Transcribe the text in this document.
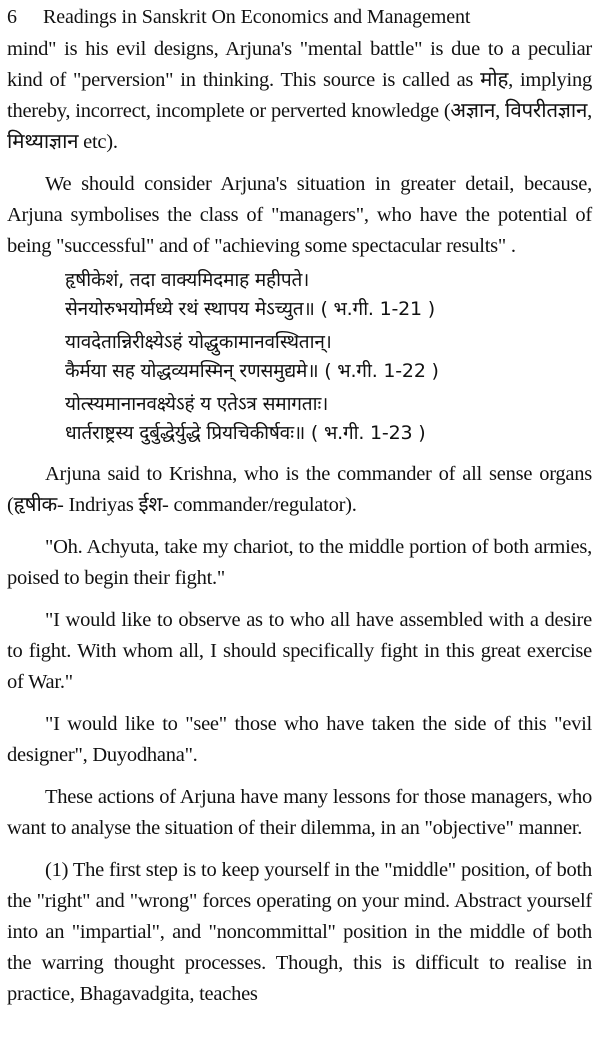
6	Readings in Sanskrit On Economics and Management

mind" is his evil designs, Arjuna's "mental battle" is due to a peculiar kind of "perversion" in thinking. This source is called as मोह, implying thereby, incorrect, incomplete or perverted knowledge (अज्ञान, विपरीतज्ञान, मिथ्याज्ञान etc).

We should consider Arjuna's situation in greater detail, because, Arjuna symbolises the class of "managers", who have the potential of being "successful" and of "achieving some spectacular results" .

हृषीकेशं, तदा वाक्यमिदमाह महीपते।
सेनयोरुभयोर्मध्ये रथं स्थापय मेऽच्युत॥ ( भ.गी. 1-21 )
यावदेतान्निरीक्ष्येऽहं योद्धुकामानवस्थितान्।
कैर्मया सह योद्धव्यमस्मिन् रणसमुद्यमे॥ ( भ.गी. 1-22 )
योत्स्यमानानवक्ष्येऽहं य एतेऽत्र समागताः।
धार्तराष्ट्रस्य दुर्बुद्धेर्युद्धे प्रियचिकीर्षवः॥ ( भ.गी. 1-23 )

Arjuna said to Krishna, who is the commander of all sense organs (हृषीक- Indriyas ईश- commander/regulator).

"Oh. Achyuta, take my chariot, to the middle portion of both armies, poised to begin their fight."

"I would like to observe as to who all have assembled with a desire to fight. With whom all, I should specifically fight in this great exercise of War."

"I would like to "see" those who have taken the side of this "evil designer", Duyodhana".

These actions of Arjuna have many lessons for those managers, who want to analyse the situation of their dilemma, in an "objective" manner.

(1) The first step is to keep yourself in the "middle" position, of both the "right" and "wrong" forces operating on your mind. Abstract yourself into an "impartial", and "noncommittal" position in the middle of both the warring thought processes. Though, this is difficult to realise in practice, Bhagavadgita, teaches
